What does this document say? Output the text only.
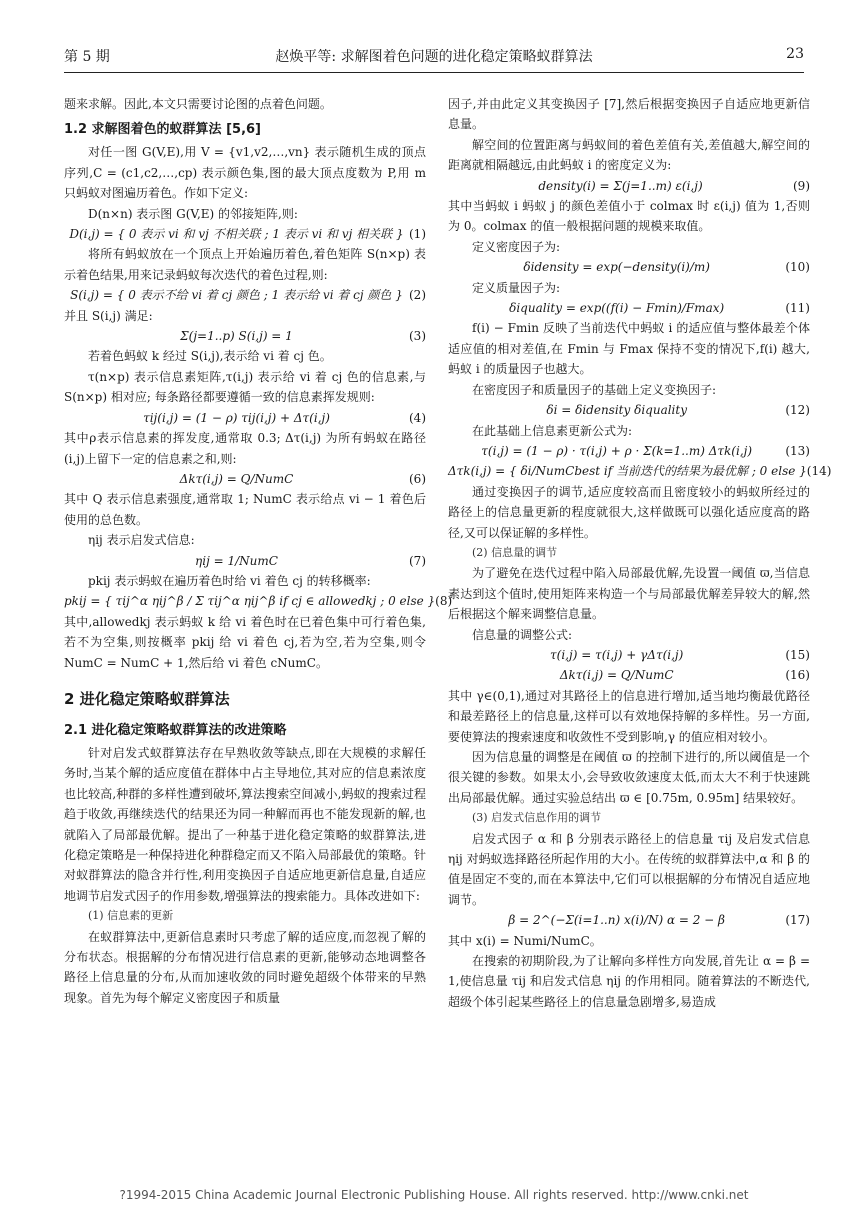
第 5 期	赵焕平等: 求解图着色问题的进化稳定策略蚁群算法	23
题来求解。因此,本文只需要讨论图的点着色问题。
1.2 求解图着色的蚁群算法 [5,6]
对任一图 G(V,E),用 V = {v1,v2,…,vn} 表示随机生成的顶点序列,C = (c1,c2,…,cp) 表示颜色集,图的最大顶点度数为 P,用 m 只蚂蚁对图遍历着色。作如下定义:
D(n×n) 表示图 G(V,E) 的邻接矩阵,则:
D(i,j) = { 0 表示 vi 和 vj 不相关联 ; 1 表示 vi 和 vj 相关联 } (1)
将所有蚂蚁放在一个顶点上开始遍历着色,着色矩阵 S(n×p) 表示着色结果,用来记录蚂蚁每次迭代的着色过程,则:
S(i,j) = { 0 表示不给 vi 着 cj 颜色 ; 1 表示给 vi 着 cj 颜色 } (2)
并且 S(i,j) 满足:
Σ(j=1..p) S(i,j) = 1	(3)
若着色蚂蚁 k 经过 S(i,j),表示给 vi 着 cj 色。
τ(n×p) 表示信息素矩阵,τ(i,j) 表示给 vi 着 cj 色的信息素,与 S(n×p) 相对应; 每条路径都要遵循一致的信息素挥发规则:
τij(i,j) = (1 − ρ) τij(i,j) + Δτ(i,j)	(4)
其中ρ表示信息素的挥发度,通常取 0.3; Δτ(i,j) 为所有蚂蚁在路径(i,j)上留下一定的信息素之和,则:
Δkτ(i,j) = Q/NumC	(6)
其中 Q 表示信息素强度,通常取 1; NumC 表示给点 vi − 1 着色后使用的总色数。
ηij 表示启发式信息:
ηij = 1/NumC	(7)
pkij 表示蚂蚁在遍历着色时给 vi 着色 cj 的转移概率:
pkij = { τij^α ηij^β / Σ τij^α ηij^β if cj ∈ allowedkj ; 0 else } (8)
其中,allowedkj 表示蚂蚁 k 给 vi 着色时在已着色集中可行着色集,若不为空集,则按概率 pkij 给 vi 着色 cj,若为空,若为空集,则令 NumC = NumC + 1,然后给 vi 着色 cNumC。
2 进化稳定策略蚁群算法
2.1 进化稳定策略蚁群算法的改进策略
针对启发式蚁群算法存在早熟收敛等缺点,即在大规模的求解任务时,当某个解的适应度值在群体中占主导地位,其对应的信息素浓度也比较高,种群的多样性遭到破坏,算法搜索空间减小,蚂蚁的搜索过程趋于收敛,再继续迭代的结果还为同一种解而再也不能发现新的解,也就陷入了局部最优解。提出了一种基于进化稳定策略的蚁群算法,进化稳定策略是一种保持进化种群稳定而又不陷入局部最优的策略。针对蚁群算法的隐含并行性,利用变换因子自适应地更新信息量,自适应地调节启发式因子的作用参数,增强算法的搜索能力。具体改进如下:
(1) 信息素的更新
在蚁群算法中,更新信息素时只考虑了解的适应度,而忽视了解的分布状态。根据解的分布情况进行信息素的更新,能够动态地调整各路径上信息量的分布,从而加速收敛的同时避免超级个体带来的早熟现象。首先为每个解定义密度因子和质量
因子,并由此定义其变换因子 [7],然后根据变换因子自适应地更新信息量。
解空间的位置距离与蚂蚁间的着色差值有关,差值越大,解空间的距离就相隔越远,由此蚂蚁 i 的密度定义为:
density(i) = Σ(j=1..m) ε(i,j)	(9)
其中当蚂蚁 i 蚂蚁 j 的颜色差值小于 colmax 时 ε(i,j) 值为 1,否则为 0。colmax 的值一般根据问题的规模来取值。
定义密度因子为:
δidensity = exp(−density(i)/m)	(10)
定义质量因子为:
δiquality = exp((f(i) − Fmin)/Fmax)	(11)
f(i) − Fmin 反映了当前迭代中蚂蚁 i 的适应值与整体最差个体适应值的相对差值,在 Fmin 与 Fmax 保持不变的情况下,f(i) 越大,蚂蚁 i 的质量因子也越大。
在密度因子和质量因子的基础上定义变换因子:
δi = δidensity δiquality	(12)
在此基础上信息素更新公式为:
τ(i,j) = (1 − ρ) · τ(i,j) + ρ · Σ(k=1..m) Δτk(i,j)	(13)
Δτk(i,j) = { δi/NumCbest if 当前迭代的结果为最优解 ; 0 else } (14)
通过变换因子的调节,适应度较高而且密度较小的蚂蚁所经过的路径上的信息量更新的程度就很大,这样做既可以强化适应度高的路径,又可以保证解的多样性。
(2) 信息量的调节
为了避免在迭代过程中陷入局部最优解,先设置一阈值 ϖ,当信息素达到这个值时,使用矩阵来构造一个与局部最优解差异较大的解,然后根据这个解来调整信息量。
信息量的调整公式:
τ(i,j) = τ(i,j) + γΔτ(i,j)	(15)
Δkτ(i,j) = Q/NumC	(16)
其中 γ∈(0,1),通过对其路径上的信息进行增加,适当地均衡最优路径和最差路径上的信息量,这样可以有效地保持解的多样性。另一方面,要使算法的搜索速度和收敛性不受到影响,γ 的值应相对较小。
因为信息量的调整是在阈值 ϖ 的控制下进行的,所以阈值是一个很关键的参数。如果太小,会导致收敛速度太低,而太大不利于快速跳出局部最优解。通过实验总结出 ϖ ∈ [0.75m, 0.95m] 结果较好。
(3) 启发式信息作用的调节
启发式因子 α 和 β 分别表示路径上的信息量 τij 及启发式信息 ηij 对蚂蚁选择路径所起作用的大小。在传统的蚁群算法中,α 和 β 的值是固定不变的,而在本算法中,它们可以根据解的分布情况自适应地调节。
β = 2^(−Σ(i=1..n) x(i)/N) α = 2 − β	(17)
其中 x(i) = Numi/NumC。
在搜索的初期阶段,为了让解向多样性方向发展,首先让 α = β = 1,使信息量 τij 和启发式信息 ηij 的作用相同。随着算法的不断迭代,超级个体引起某些路径上的信息量急剧增多,易造成
?1994-2015 China Academic Journal Electronic Publishing House. All rights reserved. http://www.cnki.net
